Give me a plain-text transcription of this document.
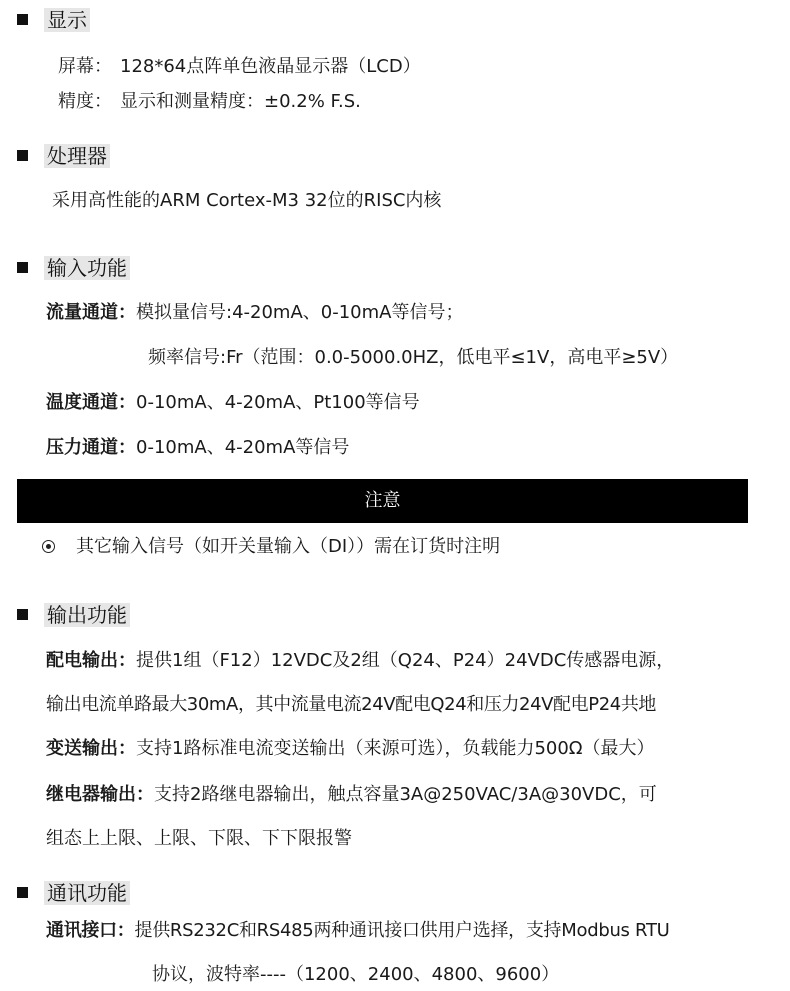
显示
屏幕： 128*64点阵单色液晶显示器（LCD）
精度： 显示和测量精度：±0.2% F.S.
处理器
采用高性能的ARM Cortex-M3 32位的RISC内核
输入功能
流量通道：模拟量信号:4-20mA、0-10mA等信号；
频率信号:Fr（范围：0.0-5000.0HZ，低电平≤1V，高电平≥5V）
温度通道：0-10mA、4-20mA、Pt100等信号
压力通道：0-10mA、4-20mA等信号
注意
其它输入信号（如开关量输入（DI））需在订货时注明
输出功能
配电输出：提供1组（F12）12VDC及2组（Q24、P24）24VDC传感器电源，
输出电流单路最大30mA，其中流量电流24V配电Q24和压力24V配电P24共地
变送输出：支持1路标准电流变送输出（来源可选），负载能力500Ω（最大）
继电器输出：支持2路继电器输出，触点容量3A@250VAC/3A@30VDC，可
组态上上限、上限、下限、下下限报警
通讯功能
通讯接口：提供RS232C和RS485两种通讯接口供用户选择，支持Modbus RTU
协议，波特率----（1200、2400、4800、9600）
